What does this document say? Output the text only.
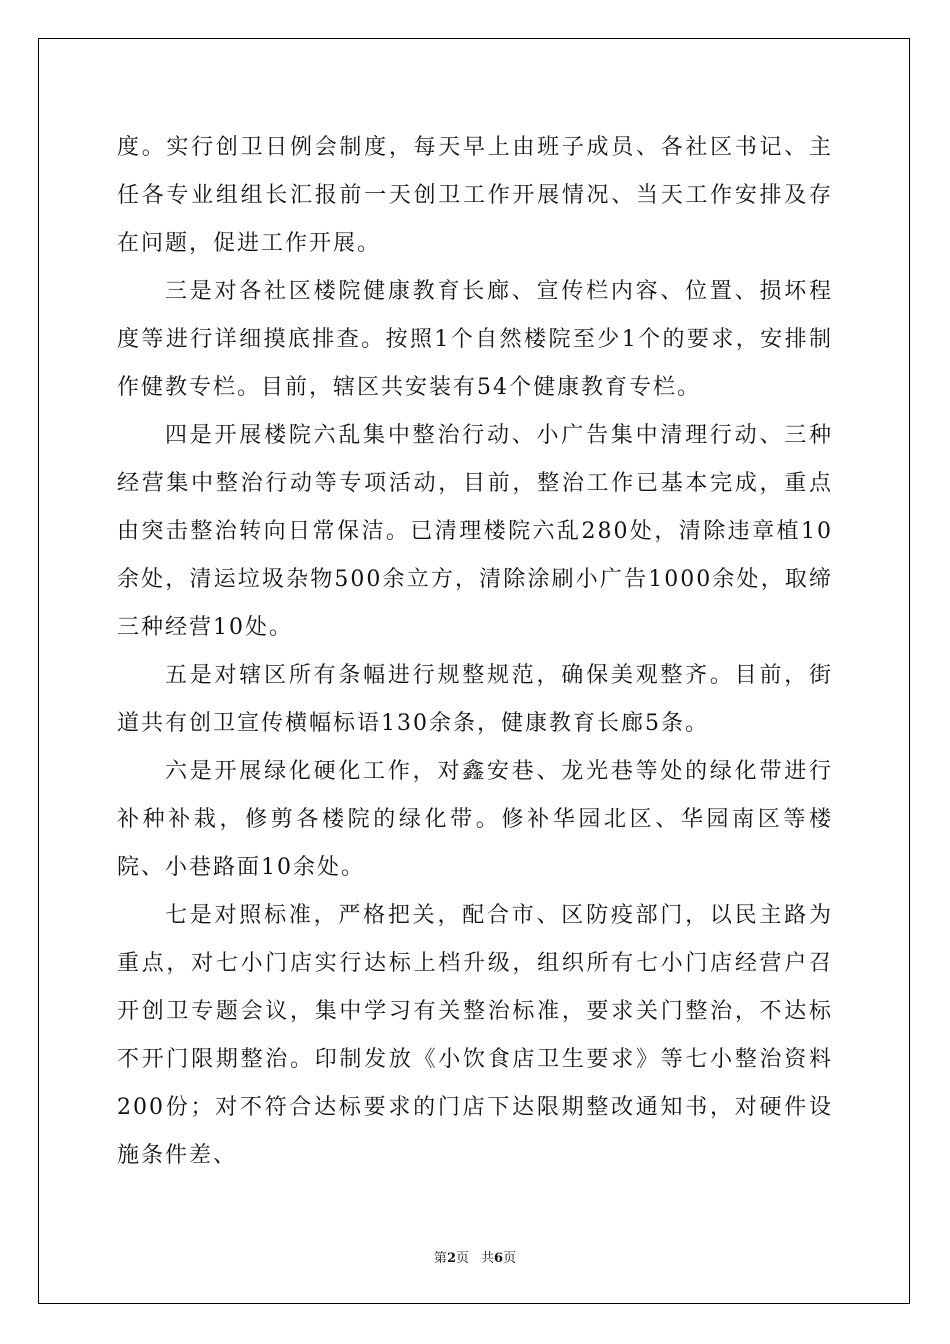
度。实行创卫日例会制度，每天早上由班子成员、各社区书记、主任各专业组组长汇报前一天创卫工作开展情况、当天工作安排及存在问题，促进工作开展。

三是对各社区楼院健康教育长廊、宣传栏内容、位置、损坏程度等进行详细摸底排查。按照1个自然楼院至少1个的要求，安排制作健教专栏。目前，辖区共安装有54个健康教育专栏。

四是开展楼院六乱集中整治行动、小广告集中清理行动、三种经营集中整治行动等专项活动，目前，整治工作已基本完成，重点由突击整治转向日常保洁。已清理楼院六乱280处，清除违章植10余处，清运垃圾杂物500余立方，清除涂刷小广告1000余处，取缔三种经营10处。

五是对辖区所有条幅进行规整规范，确保美观整齐。目前，街道共有创卫宣传横幅标语130余条，健康教育长廊5条。

六是开展绿化硬化工作，对鑫安巷、龙光巷等处的绿化带进行补种补栽，修剪各楼院的绿化带。修补华园北区、华园南区等楼院、小巷路面10余处。

七是对照标准，严格把关，配合市、区防疫部门，以民主路为重点，对七小门店实行达标上档升级，组织所有七小门店经营户召开创卫专题会议，集中学习有关整治标准，要求关门整治，不达标不开门限期整治。印制发放《小饮食店卫生要求》等七小整治资料200份；对不符合达标要求的门店下达限期整改通知书，对硬件设施条件差、

第2页 共6页
